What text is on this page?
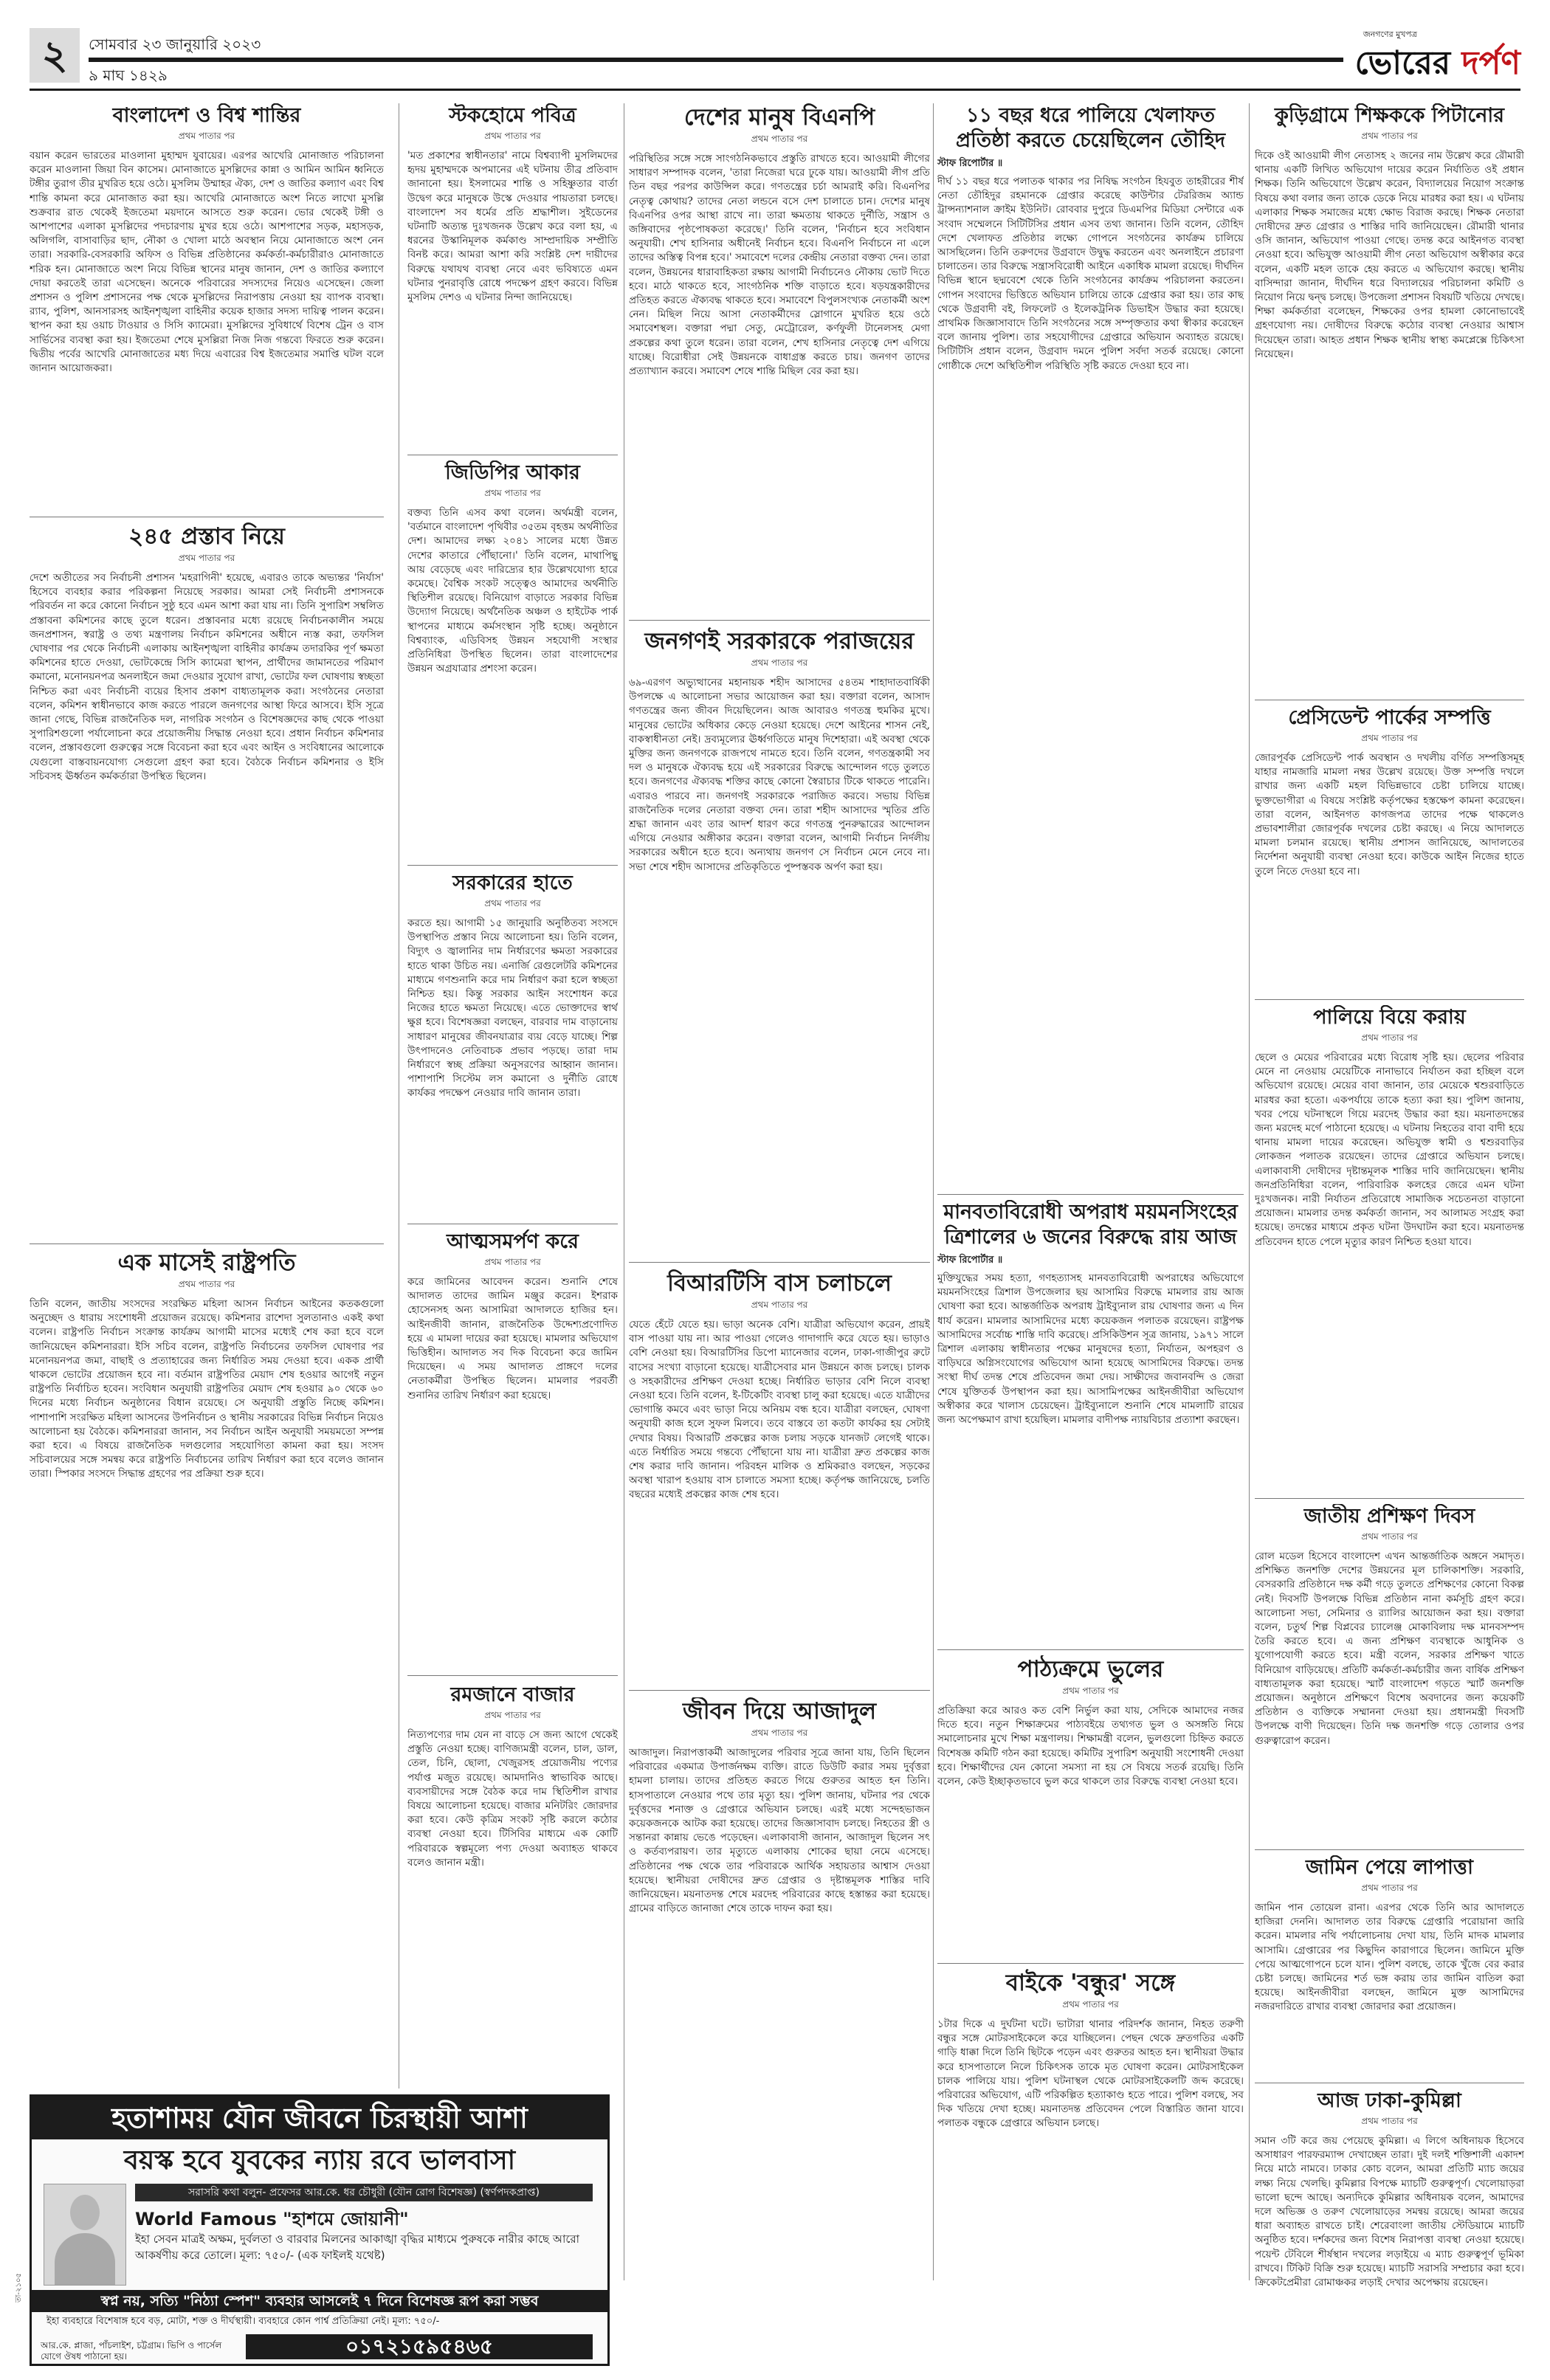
২	সোমবার ২৩ জানুয়ারি ২০২৩
৯ মাঘ ১৪২৯
জনগণের মুখপত্র
ভোরের দর্পণ
বাংলাদেশ ও বিশ্ব শান্তির
প্রথম পাতার পর

বয়ান করেন ভারতের মাওলানা মুহাম্মদ যুবায়ের। এরপর আখেরি মোনাজাত পরিচালনা করেন মাওলানা জিয়া বিন কাসেম। মোনাজাতে মুসল্লিদের কান্না ও আমিন আমিন ধ্বনিতে টঙ্গীর তুরাগ তীর মুখরিত হয়ে ওঠে। মুসলিম উম্মাহর ঐক্য, দেশ ও জাতির কল্যাণ এবং বিশ্ব শান্তি কামনা করে মোনাজাত করা হয়। আখেরি মোনাজাতে অংশ নিতে লাখো মুসল্লি শুক্রবার রাত থেকেই ইজতেমা ময়দানে আসতে শুরু করেন। ভোর থেকেই টঙ্গী ও আশপাশের এলাকা মুসল্লিদের পদচারণায় মুখর হয়ে ওঠে। আশপাশের সড়ক, মহাসড়ক, অলিগলি, বাসাবাড়ির ছাদ, নৌকা ও খোলা মাঠে অবস্থান নিয়ে মোনাজাতে অংশ নেন তারা। সরকারি-বেসরকারি অফিস ও বিভিন্ন প্রতিষ্ঠানের কর্মকর্তা-কর্মচারীরাও মোনাজাতে শরিক হন। মোনাজাতে অংশ নিয়ে বিভিন্ন স্থানের মানুষ জানান, দেশ ও জাতির কল্যাণে দোয়া করতেই তারা এসেছেন। অনেকে পরিবারের সদস্যদের নিয়েও এসেছেন। জেলা প্রশাসন ও পুলিশ প্রশাসনের পক্ষ থেকে মুসল্লিদের নিরাপত্তায় নেওয়া হয় ব্যাপক ব্যবস্থা। র‍্যাব, পুলিশ, আনসারসহ আইনশৃঙ্খলা বাহিনীর কয়েক হাজার সদস্য দায়িত্ব পালন করেন। স্থাপন করা হয় ওয়াচ টাওয়ার ও সিসি ক্যামেরা। মুসল্লিদের সুবিধার্থে বিশেষ ট্রেন ও বাস সার্ভিসের ব্যবস্থা করা হয়। ইজতেমা শেষে মুসল্লিরা নিজ নিজ গন্তব্যে ফিরতে শুরু করেন। দ্বিতীয় পর্বের আখেরি মোনাজাতের মধ্য দিয়ে এবারের বিশ্ব ইজতেমার সমাপ্তি ঘটল বলে জানান আয়োজকরা।

২৪৫ প্রস্তাব নিয়ে
প্রথম পাতার পর

দেশে অতীতের সব নির্বাচনী প্রশাসন 'মহরাগিনী' হয়েছে, এবারও তাকে অভ্যন্তর 'নির্যাস' হিসেবে ব্যবহার করার পরিকল্পনা নিয়েছে সরকার। আমরা সেই নির্বাচনী প্রশাসনকে পরিবর্তন না করে কোনো নির্বাচন সুষ্ঠু হবে এমন আশা করা যায় না। তিনি সুপারিশ সম্বলিত প্রস্তাবনা কমিশনের কাছে তুলে ধরেন। প্রস্তাবনার মধ্যে রয়েছে নির্বাচনকালীন সময়ে জনপ্রশাসন, স্বরাষ্ট্র ও তথ্য মন্ত্রণালয় নির্বাচন কমিশনের অধীনে ন্যস্ত করা, তফসিল ঘোষণার পর থেকে নির্বাচনী এলাকায় আইনশৃঙ্খলা বাহিনীর কার্যক্রম তদারকির পূর্ণ ক্ষমতা কমিশনের হাতে দেওয়া, ভোটকেন্দ্রে সিসি ক্যামেরা স্থাপন, প্রার্থীদের জামানতের পরিমাণ কমানো, মনোনয়নপত্র অনলাইনে জমা দেওয়ার সুযোগ রাখা, ভোটের ফল ঘোষণায় স্বচ্ছতা নিশ্চিত করা এবং নির্বাচনী ব্যয়ের হিসাব প্রকাশ বাধ্যতামূলক করা। সংগঠনের নেতারা বলেন, কমিশন স্বাধীনভাবে কাজ করতে পারলে জনগণের আস্থা ফিরে আসবে। ইসি সূত্রে জানা গেছে, বিভিন্ন রাজনৈতিক দল, নাগরিক সংগঠন ও বিশেষজ্ঞদের কাছ থেকে পাওয়া সুপারিশগুলো পর্যালোচনা করে প্রয়োজনীয় সিদ্ধান্ত নেওয়া হবে। প্রধান নির্বাচন কমিশনার বলেন, প্রস্তাবগুলো গুরুত্বের সঙ্গে বিবেচনা করা হবে এবং আইন ও সংবিধানের আলোকে যেগুলো বাস্তবায়নযোগ্য সেগুলো গ্রহণ করা হবে। বৈঠকে নির্বাচন কমিশনার ও ইসি সচিবসহ ঊর্ধ্বতন কর্মকর্তারা উপস্থিত ছিলেন।

এক মাসেই রাষ্ট্রপতি
প্রথম পাতার পর

তিনি বলেন, জাতীয় সংসদের সংরক্ষিত মহিলা আসন নির্বাচন আইনের কতকগুলো অনুচ্ছেদ ও ধারায় সংশোধনী প্রয়োজন রয়েছে। কমিশনার রাশেদা সুলতানাও একই কথা বলেন। রাষ্ট্রপতি নির্বাচন সংক্রান্ত কার্যক্রম আগামী মাসের মধ্যেই শেষ করা হবে বলে জানিয়েছেন কমিশনাররা। ইসি সচিব বলেন, রাষ্ট্রপতি নির্বাচনের তফসিল ঘোষণার পর মনোনয়নপত্র জমা, বাছাই ও প্রত্যাহারের জন্য নির্ধারিত সময় দেওয়া হবে। একক প্রার্থী থাকলে ভোটের প্রয়োজন হবে না। বর্তমান রাষ্ট্রপতির মেয়াদ শেষ হওয়ার আগেই নতুন রাষ্ট্রপতি নির্বাচিত হবেন। সংবিধান অনুযায়ী রাষ্ট্রপতির মেয়াদ শেষ হওয়ার ৯০ থেকে ৬০ দিনের মধ্যে নির্বাচন অনুষ্ঠানের বিধান রয়েছে। সে অনুযায়ী প্রস্তুতি নিচ্ছে কমিশন। পাশাপাশি সংরক্ষিত মহিলা আসনের উপনির্বাচন ও স্থানীয় সরকারের বিভিন্ন নির্বাচন নিয়েও আলোচনা হয় বৈঠকে। কমিশনাররা জানান, সব নির্বাচন আইন অনুযায়ী সময়মতো সম্পন্ন করা হবে। এ বিষয়ে রাজনৈতিক দলগুলোর সহযোগিতা কামনা করা হয়। সংসদ সচিবালয়ের সঙ্গে সমন্বয় করে রাষ্ট্রপতি নির্বাচনের তারিখ নির্ধারণ করা হবে বলেও জানান তারা। স্পিকার সংসদে সিদ্ধান্ত গ্রহণের পর প্রক্রিয়া শুরু হবে।

স্টকহোমে পবিত্র
প্রথম পাতার পর

'মত প্রকাশের স্বাধীনতার' নামে বিশ্বব্যাপী মুসলিমদের হৃদয় মুহাম্মদকে অপমানের এই ঘটনায় তীব্র প্রতিবাদ জানানো হয়। ইসলামের শান্তি ও সহিষ্ণুতার বার্তা উদ্বেগ করে মানুষকে উস্কে দেওয়ার পায়তারা চলছে। বাংলাদেশ সব ধর্মের প্রতি শ্রদ্ধাশীল। সুইডেনের ঘটনাটি অত্যন্ত দুঃখজনক উল্লেখ করে বলা হয়, এ ধরনের উস্কানিমূলক কর্মকাণ্ড সাম্প্রদায়িক সম্প্রীতি বিনষ্ট করে। আমরা আশা করি সংশ্লিষ্ট দেশ দায়ীদের বিরুদ্ধে যথাযথ ব্যবস্থা নেবে এবং ভবিষ্যতে এমন ঘটনার পুনরাবৃত্তি রোধে পদক্ষেপ গ্রহণ করবে। বিভিন্ন মুসলিম দেশও এ ঘটনার নিন্দা জানিয়েছে।

জিডিপির আকার
প্রথম পাতার পর

বক্তব্য তিনি এসব কথা বলেন। অর্থমন্ত্রী বলেন, 'বর্তমানে বাংলাদেশ পৃথিবীর ৩৫তম বৃহত্তম অর্থনীতির দেশ। আমাদের লক্ষ্য ২০৪১ সালের মধ্যে উন্নত দেশের কাতারে পৌঁছানো।' তিনি বলেন, মাথাপিছু আয় বেড়েছে এবং দারিদ্র্যের হার উল্লেখযোগ্য হারে কমেছে। বৈশ্বিক সংকট সত্ত্বেও আমাদের অর্থনীতি স্থিতিশীল রয়েছে। বিনিয়োগ বাড়াতে সরকার বিভিন্ন উদ্যোগ নিয়েছে। অর্থনৈতিক অঞ্চল ও হাইটেক পার্ক স্থাপনের মাধ্যমে কর্মসংস্থান সৃষ্টি হচ্ছে। অনুষ্ঠানে বিশ্বব্যাংক, এডিবিসহ উন্নয়ন সহযোগী সংস্থার প্রতিনিধিরা উপস্থিত ছিলেন। তারা বাংলাদেশের উন্নয়ন অগ্রযাত্রার প্রশংসা করেন।

সরকারের হাতে
প্রথম পাতার পর

করতে হয়। আগামী ১৫ জানুয়ারি অনুষ্ঠিতব্য সংসদে উপস্থাপিত প্রস্তাব নিয়ে আলোচনা হয়। তিনি বলেন, বিদ্যুৎ ও জ্বালানির দাম নির্ধারণের ক্ষমতা সরকারের হাতে থাকা উচিত নয়। এনার্জি রেগুলেটরি কমিশনের মাধ্যমে গণশুনানি করে দাম নির্ধারণ করা হলে স্বচ্ছতা নিশ্চিত হয়। কিন্তু সরকার আইন সংশোধন করে নিজের হাতে ক্ষমতা নিয়েছে। এতে ভোক্তাদের স্বার্থ ক্ষুণ্ণ হবে। বিশেষজ্ঞরা বলছেন, বারবার দাম বাড়ানোয় সাধারণ মানুষের জীবনযাত্রার ব্যয় বেড়ে যাচ্ছে। শিল্প উৎপাদনেও নেতিবাচক প্রভাব পড়ছে। তারা দাম নির্ধারণে স্বচ্ছ প্রক্রিয়া অনুসরণের আহ্বান জানান। পাশাপাশি সিস্টেম লস কমানো ও দুর্নীতি রোধে কার্যকর পদক্ষেপ নেওয়ার দাবি জানান তারা।

আত্মসমর্পণ করে
প্রথম পাতার পর

করে জামিনের আবেদন করেন। শুনানি শেষে আদালত তাদের জামিন মঞ্জুর করেন। ইশরাক হোসেনসহ অন্য আসামিরা আদালতে হাজির হন। আইনজীবী জানান, রাজনৈতিক উদ্দেশ্যপ্রণোদিত হয়ে এ মামলা দায়ের করা হয়েছে। মামলার অভিযোগ ভিত্তিহীন। আদালত সব দিক বিবেচনা করে জামিন দিয়েছেন। এ সময় আদালত প্রাঙ্গণে দলের নেতাকর্মীরা উপস্থিত ছিলেন। মামলার পরবর্তী শুনানির তারিখ নির্ধারণ করা হয়েছে।

রমজানে বাজার
প্রথম পাতার পর

নিত্যপণ্যের দাম যেন না বাড়ে সে জন্য আগে থেকেই প্রস্তুতি নেওয়া হচ্ছে। বাণিজ্যমন্ত্রী বলেন, চাল, ডাল, তেল, চিনি, ছোলা, খেজুরসহ প্রয়োজনীয় পণ্যের পর্যাপ্ত মজুত রয়েছে। আমদানিও স্বাভাবিক আছে। ব্যবসায়ীদের সঙ্গে বৈঠক করে দাম স্থিতিশীল রাখার বিষয়ে আলোচনা হয়েছে। বাজার মনিটরিং জোরদার করা হবে। কেউ কৃত্রিম সংকট সৃষ্টি করলে কঠোর ব্যবস্থা নেওয়া হবে। টিসিবির মাধ্যমে এক কোটি পরিবারকে স্বল্পমূল্যে পণ্য দেওয়া অব্যাহত থাকবে বলেও জানান মন্ত্রী।

দেশের মানুষ বিএনপি
প্রথম পাতার পর

পরিস্থিতির সঙ্গে সঙ্গে সাংগঠনিকভাবে প্রস্তুতি রাখতে হবে। আওয়ামী লীগের সাধারণ সম্পাদক বলেন, 'তারা নিজেরা ঘরে ঢুকে যায়। আওয়ামী লীগ প্রতি তিন বছর পরপর কাউন্সিল করে। গণতন্ত্রের চর্চা আমরাই করি। বিএনপির নেতৃত্ব কোথায়? তাদের নেতা লন্ডনে বসে দেশ চালাতে চান। দেশের মানুষ বিএনপির ওপর আস্থা রাখে না। তারা ক্ষমতায় থাকতে দুর্নীতি, সন্ত্রাস ও জঙ্গিবাদের পৃষ্ঠপোষকতা করেছে।' তিনি বলেন, 'নির্বাচন হবে সংবিধান অনুযায়ী। শেখ হাসিনার অধীনেই নির্বাচন হবে। বিএনপি নির্বাচনে না এলে তাদের অস্তিত্ব বিপন্ন হবে।' সমাবেশে দলের কেন্দ্রীয় নেতারা বক্তব্য দেন। তারা বলেন, উন্নয়নের ধারাবাহিকতা রক্ষায় আগামী নির্বাচনেও নৌকায় ভোট দিতে হবে। মাঠে থাকতে হবে, সাংগঠনিক শক্তি বাড়াতে হবে। ষড়যন্ত্রকারীদের প্রতিহত করতে ঐক্যবদ্ধ থাকতে হবে। সমাবেশে বিপুলসংখ্যক নেতাকর্মী অংশ নেন। মিছিল নিয়ে আসা নেতাকর্মীদের স্লোগানে মুখরিত হয়ে ওঠে সমাবেশস্থল। বক্তারা পদ্মা সেতু, মেট্রোরেল, কর্ণফুলী টানেলসহ মেগা প্রকল্পের কথা তুলে ধরেন। তারা বলেন, শেখ হাসিনার নেতৃত্বে দেশ এগিয়ে যাচ্ছে। বিরোধীরা সেই উন্নয়নকে বাধাগ্রস্ত করতে চায়। জনগণ তাদের প্রত্যাখ্যান করবে। সমাবেশ শেষে শান্তি মিছিল বের করা হয়।

জনগণই সরকারকে পরাজয়ের
প্রথম পাতার পর

৬৯-এরগণ অভ্যুত্থানের মহানায়ক শহীদ আসাদের ৫৪তম শাহাদাতবার্ষিকী উপলক্ষে এ আলোচনা সভার আয়োজন করা হয়। বক্তারা বলেন, আসাদ গণতন্ত্রের জন্য জীবন দিয়েছিলেন। আজ আবারও গণতন্ত্র হুমকির মুখে। মানুষের ভোটের অধিকার কেড়ে নেওয়া হয়েছে। দেশে আইনের শাসন নেই, বাকস্বাধীনতা নেই। দ্রব্যমূল্যের ঊর্ধ্বগতিতে মানুষ দিশেহারা। এই অবস্থা থেকে মুক্তির জন্য জনগণকে রাজপথে নামতে হবে। তিনি বলেন, গণতন্ত্রকামী সব দল ও মানুষকে ঐক্যবদ্ধ হয়ে এই সরকারের বিরুদ্ধে আন্দোলন গড়ে তুলতে হবে। জনগণের ঐক্যবদ্ধ শক্তির কাছে কোনো স্বৈরাচার টিকে থাকতে পারেনি। এবারও পারবে না। জনগণই সরকারকে পরাজিত করবে। সভায় বিভিন্ন রাজনৈতিক দলের নেতারা বক্তব্য দেন। তারা শহীদ আসাদের স্মৃতির প্রতি শ্রদ্ধা জানান এবং তার আদর্শ ধারণ করে গণতন্ত্র পুনরুদ্ধারের আন্দোলন এগিয়ে নেওয়ার অঙ্গীকার করেন। বক্তারা বলেন, আগামী নির্বাচন নির্দলীয় সরকারের অধীনে হতে হবে। অন্যথায় জনগণ সে নির্বাচন মেনে নেবে না। সভা শেষে শহীদ আসাদের প্রতিকৃতিতে পুষ্পস্তবক অর্পণ করা হয়।

বিআরটিসি বাস চলাচলে
প্রথম পাতার পর

যেতে হেঁটে যেতে হয়। ভাড়া অনেক বেশি। যাত্রীরা অভিযোগ করেন, প্রায়ই বাস পাওয়া যায় না। আর পাওয়া গেলেও গাদাগাদি করে যেতে হয়। ভাড়াও বেশি নেওয়া হয়। বিআরটিসির ডিপো ম্যানেজার বলেন, ঢাকা-গাজীপুর রুটে বাসের সংখ্যা বাড়ানো হয়েছে। যাত্রীসেবার মান উন্নয়নে কাজ চলছে। চালক ও সহকারীদের প্রশিক্ষণ দেওয়া হচ্ছে। নির্ধারিত ভাড়ার বেশি নিলে ব্যবস্থা নেওয়া হবে। তিনি বলেন, ই-টিকেটিং ব্যবস্থা চালু করা হয়েছে। এতে যাত্রীদের ভোগান্তি কমবে এবং ভাড়া নিয়ে অনিয়ম বন্ধ হবে। যাত্রীরা বলছেন, ঘোষণা অনুযায়ী কাজ হলে সুফল মিলবে। তবে বাস্তবে তা কতটা কার্যকর হয় সেটাই দেখার বিষয়। বিআরটি প্রকল্পের কাজ চলায় সড়কে যানজট লেগেই থাকে। এতে নির্ধারিত সময়ে গন্তব্যে পৌঁছানো যায় না। যাত্রীরা দ্রুত প্রকল্পের কাজ শেষ করার দাবি জানান। পরিবহন মালিক ও শ্রমিকরাও বলছেন, সড়কের অবস্থা খারাপ হওয়ায় বাস চালাতে সমস্যা হচ্ছে। কর্তৃপক্ষ জানিয়েছে, চলতি বছরের মধ্যেই প্রকল্পের কাজ শেষ হবে।

জীবন দিয়ে আজাদুল
প্রথম পাতার পর

আজাদুল। নিরাপত্তাকর্মী আজাদুলের পরিবার সূত্রে জানা যায়, তিনি ছিলেন পরিবারের একমাত্র উপার্জনক্ষম ব্যক্তি। রাতে ডিউটি করার সময় দুর্বৃত্তরা হামলা চালায়। তাদের প্রতিহত করতে গিয়ে গুরুতর আহত হন তিনি। হাসপাতালে নেওয়ার পথে তার মৃত্যু হয়। পুলিশ জানায়, ঘটনার পর থেকে দুর্বৃত্তদের শনাক্ত ও গ্রেপ্তারে অভিযান চলছে। এরই মধ্যে সন্দেহভাজন কয়েকজনকে আটক করা হয়েছে। তাদের জিজ্ঞাসাবাদ চলছে। নিহতের স্ত্রী ও সন্তানরা কান্নায় ভেঙে পড়েছেন। এলাকাবাসী জানান, আজাদুল ছিলেন সৎ ও কর্তব্যপরায়ণ। তার মৃত্যুতে এলাকায় শোকের ছায়া নেমে এসেছে। প্রতিষ্ঠানের পক্ষ থেকে তার পরিবারকে আর্থিক সহায়তার আশ্বাস দেওয়া হয়েছে। স্থানীয়রা দোষীদের দ্রুত গ্রেপ্তার ও দৃষ্টান্তমূলক শাস্তির দাবি জানিয়েছেন। ময়নাতদন্ত শেষে মরদেহ পরিবারের কাছে হস্তান্তর করা হয়েছে। গ্রামের বাড়িতে জানাজা শেষে তাকে দাফন করা হয়।

১১ বছর ধরে পালিয়ে খেলাফত প্রতিষ্ঠা করতে চেয়েছিলেন তৌহিদ
স্টাফ রিপোর্টার ॥

দীর্ঘ ১১ বছর ধরে পলাতক থাকার পর নিষিদ্ধ সংগঠন হিযবুত তাহরীরের শীর্ষ নেতা তৌহিদুর রহমানকে গ্রেপ্তার করেছে কাউন্টার টেররিজম অ্যান্ড ট্রান্সন্যাশনাল ক্রাইম ইউনিট। রোববার দুপুরে ডিএমপির মিডিয়া সেন্টারে এক সংবাদ সম্মেলনে সিটিটিসির প্রধান এসব তথ্য জানান। তিনি বলেন, তৌহিদ দেশে খেলাফত প্রতিষ্ঠার লক্ষ্যে গোপনে সংগঠনের কার্যক্রম চালিয়ে আসছিলেন। তিনি তরুণদের উগ্রবাদে উদ্বুদ্ধ করতেন এবং অনলাইনে প্রচারণা চালাতেন। তার বিরুদ্ধে সন্ত্রাসবিরোধী আইনে একাধিক মামলা রয়েছে। দীর্ঘদিন বিভিন্ন স্থানে ছদ্মবেশে থেকে তিনি সংগঠনের কার্যক্রম পরিচালনা করতেন। গোপন সংবাদের ভিত্তিতে অভিযান চালিয়ে তাকে গ্রেপ্তার করা হয়। তার কাছ থেকে উগ্রবাদী বই, লিফলেট ও ইলেকট্রনিক ডিভাইস উদ্ধার করা হয়েছে। প্রাথমিক জিজ্ঞাসাবাদে তিনি সংগঠনের সঙ্গে সম্পৃক্ততার কথা স্বীকার করেছেন বলে জানায় পুলিশ। তার সহযোগীদের গ্রেপ্তারে অভিযান অব্যাহত রয়েছে। সিটিটিসি প্রধান বলেন, উগ্রবাদ দমনে পুলিশ সর্বদা সতর্ক রয়েছে। কোনো গোষ্ঠীকে দেশে অস্থিতিশীল পরিস্থিতি সৃষ্টি করতে দেওয়া হবে না।

মানবতাবিরোধী অপরাধ ময়মনসিংহের ত্রিশালের ৬ জনের বিরুদ্ধে রায় আজ
স্টাফ রিপোর্টার ॥

মুক্তিযুদ্ধের সময় হত্যা, গণহত্যাসহ মানবতাবিরোধী অপরাধের অভিযোগে ময়মনসিংহের ত্রিশাল উপজেলার ছয় আসামির বিরুদ্ধে মামলার রায় আজ ঘোষণা করা হবে। আন্তর্জাতিক অপরাধ ট্রাইব্যুনাল রায় ঘোষণার জন্য এ দিন ধার্য করেন। মামলার আসামিদের মধ্যে কয়েকজন পলাতক রয়েছেন। রাষ্ট্রপক্ষ আসামিদের সর্বোচ্চ শাস্তি দাবি করেছে। প্রসিকিউশন সূত্র জানায়, ১৯৭১ সালে ত্রিশাল এলাকায় স্বাধীনতার পক্ষের মানুষদের হত্যা, নির্যাতন, অপহরণ ও বাড়িঘরে অগ্নিসংযোগের অভিযোগ আনা হয়েছে আসামিদের বিরুদ্ধে। তদন্ত সংস্থা দীর্ঘ তদন্ত শেষে প্রতিবেদন জমা দেয়। সাক্ষীদের জবানবন্দি ও জেরা শেষে যুক্তিতর্ক উপস্থাপন করা হয়। আসামিপক্ষের আইনজীবীরা অভিযোগ অস্বীকার করে খালাস চেয়েছেন। ট্রাইব্যুনালে শুনানি শেষে মামলাটি রায়ের জন্য অপেক্ষমাণ রাখা হয়েছিল। মামলার বাদীপক্ষ ন্যায়বিচার প্রত্যাশা করছেন।

পাঠ্যক্রমে ভুলের
প্রথম পাতার পর

প্রতিক্রিয়া করে আরও কত বেশি নির্ভুল করা যায়, সেদিকে আমাদের নজর দিতে হবে। নতুন শিক্ষাক্রমের পাঠ্যবইয়ে তথ্যগত ভুল ও অসঙ্গতি নিয়ে সমালোচনার মুখে শিক্ষা মন্ত্রণালয়। শিক্ষামন্ত্রী বলেন, ভুলগুলো চিহ্নিত করতে বিশেষজ্ঞ কমিটি গঠন করা হয়েছে। কমিটির সুপারিশ অনুযায়ী সংশোধনী দেওয়া হবে। শিক্ষার্থীদের যেন কোনো সমস্যা না হয় সে বিষয়ে সতর্ক রয়েছি। তিনি বলেন, কেউ ইচ্ছাকৃতভাবে ভুল করে থাকলে তার বিরুদ্ধে ব্যবস্থা নেওয়া হবে।

বাইকে 'বন্ধুর' সঙ্গে
প্রথম পাতার পর

১টার দিকে এ দুর্ঘটনা ঘটে। ভাটারা থানার পরিদর্শক জানান, নিহত তরুণী বন্ধুর সঙ্গে মোটরসাইকেলে করে যাচ্ছিলেন। পেছন থেকে দ্রুতগতির একটি গাড়ি ধাক্কা দিলে তিনি ছিটকে পড়েন এবং গুরুতর আহত হন। স্থানীয়রা উদ্ধার করে হাসপাতালে নিলে চিকিৎসক তাকে মৃত ঘোষণা করেন। মোটরসাইকেল চালক পালিয়ে যায়। পুলিশ ঘটনাস্থল থেকে মোটরসাইকেলটি জব্দ করেছে। পরিবারের অভিযোগ, এটি পরিকল্পিত হত্যাকাণ্ড হতে পারে। পুলিশ বলছে, সব দিক খতিয়ে দেখা হচ্ছে। ময়নাতদন্ত প্রতিবেদন পেলে বিস্তারিত জানা যাবে। পলাতক বন্ধুকে গ্রেপ্তারে অভিযান চলছে।

কুড়িগ্রামে শিক্ষককে পিটানোর
প্রথম পাতার পর

দিকে ওই আওয়ামী লীগ নেতাসহ ২ জনের নাম উল্লেখ করে রৌমারী থানায় একটি লিখিত অভিযোগ দায়ের করেন নির্যাতিত ওই প্রধান শিক্ষক। তিনি অভিযোগে উল্লেখ করেন, বিদ্যালয়ের নিয়োগ সংক্রান্ত বিষয়ে কথা বলার জন্য তাকে ডেকে নিয়ে মারধর করা হয়। এ ঘটনায় এলাকার শিক্ষক সমাজের মধ্যে ক্ষোভ বিরাজ করছে। শিক্ষক নেতারা দোষীদের দ্রুত গ্রেপ্তার ও শাস্তির দাবি জানিয়েছেন। রৌমারী থানার ওসি জানান, অভিযোগ পাওয়া গেছে। তদন্ত করে আইনগত ব্যবস্থা নেওয়া হবে। অভিযুক্ত আওয়ামী লীগ নেতা অভিযোগ অস্বীকার করে বলেন, একটি মহল তাকে হেয় করতে এ অভিযোগ করছে। স্থানীয় বাসিন্দারা জানান, দীর্ঘদিন ধরে বিদ্যালয়ের পরিচালনা কমিটি ও নিয়োগ নিয়ে দ্বন্দ্ব চলছে। উপজেলা প্রশাসন বিষয়টি খতিয়ে দেখছে। শিক্ষা কর্মকর্তারা বলেছেন, শিক্ষকের ওপর হামলা কোনোভাবেই গ্রহণযোগ্য নয়। দোষীদের বিরুদ্ধে কঠোর ব্যবস্থা নেওয়ার আশ্বাস দিয়েছেন তারা। আহত প্রধান শিক্ষক স্থানীয় স্বাস্থ্য কমপ্লেক্সে চিকিৎসা নিয়েছেন।

প্রেসিডেন্ট পার্কের সম্পত্তি
প্রথম পাতার পর

জোরপূর্বক প্রেসিডেন্ট পার্ক অবস্থান ও দখলীয় বর্ণিত সম্পত্তিসমূহ যাহার নামজারি মামলা নম্বর উল্লেখ রয়েছে। উক্ত সম্পত্তি দখলে রাখার জন্য একটি মহল বিভিন্নভাবে চেষ্টা চালিয়ে যাচ্ছে। ভুক্তভোগীরা এ বিষয়ে সংশ্লিষ্ট কর্তৃপক্ষের হস্তক্ষেপ কামনা করেছেন। তারা বলেন, আইনগত কাগজপত্র তাদের পক্ষে থাকলেও প্রভাবশালীরা জোরপূর্বক দখলের চেষ্টা করছে। এ নিয়ে আদালতে মামলা চলমান রয়েছে। স্থানীয় প্রশাসন জানিয়েছে, আদালতের নির্দেশনা অনুযায়ী ব্যবস্থা নেওয়া হবে। কাউকে আইন নিজের হাতে তুলে নিতে দেওয়া হবে না।

পালিয়ে বিয়ে করায়
প্রথম পাতার পর

ছেলে ও মেয়ের পরিবারের মধ্যে বিরোধ সৃষ্টি হয়। ছেলের পরিবার মেনে না নেওয়ায় মেয়েটিকে নানাভাবে নির্যাতন করা হচ্ছিল বলে অভিযোগ রয়েছে। মেয়ের বাবা জানান, তার মেয়েকে শ্বশুরবাড়িতে মারধর করা হতো। একপর্যায়ে তাকে হত্যা করা হয়। পুলিশ জানায়, খবর পেয়ে ঘটনাস্থলে গিয়ে মরদেহ উদ্ধার করা হয়। ময়নাতদন্তের জন্য মরদেহ মর্গে পাঠানো হয়েছে। এ ঘটনায় নিহতের বাবা বাদী হয়ে থানায় মামলা দায়ের করেছেন। অভিযুক্ত স্বামী ও শ্বশুরবাড়ির লোকজন পলাতক রয়েছেন। তাদের গ্রেপ্তারে অভিযান চলছে। এলাকাবাসী দোষীদের দৃষ্টান্তমূলক শাস্তির দাবি জানিয়েছেন। স্থানীয় জনপ্রতিনিধিরা বলেন, পারিবারিক কলহের জেরে এমন ঘটনা দুঃখজনক। নারী নির্যাতন প্রতিরোধে সামাজিক সচেতনতা বাড়ানো প্রয়োজন। মামলার তদন্ত কর্মকর্তা জানান, সব আলামত সংগ্রহ করা হয়েছে। তদন্তের মাধ্যমে প্রকৃত ঘটনা উদঘাটন করা হবে। ময়নাতদন্ত প্রতিবেদন হাতে পেলে মৃত্যুর কারণ নিশ্চিত হওয়া যাবে।

জাতীয় প্রশিক্ষণ দিবস
প্রথম পাতার পর

রোল মডেল হিসেবে বাংলাদেশ এখন আন্তর্জাতিক অঙ্গনে সমাদৃত। প্রশিক্ষিত জনশক্তি দেশের উন্নয়নের মূল চালিকাশক্তি। সরকারি, বেসরকারি প্রতিষ্ঠানে দক্ষ কর্মী গড়ে তুলতে প্রশিক্ষণের কোনো বিকল্প নেই। দিবসটি উপলক্ষে বিভিন্ন প্রতিষ্ঠান নানা কর্মসূচি গ্রহণ করে। আলোচনা সভা, সেমিনার ও র‍্যালির আয়োজন করা হয়। বক্তারা বলেন, চতুর্থ শিল্প বিপ্লবের চ্যালেঞ্জ মোকাবিলায় দক্ষ মানবসম্পদ তৈরি করতে হবে। এ জন্য প্রশিক্ষণ ব্যবস্থাকে আধুনিক ও যুগোপযোগী করতে হবে। মন্ত্রী বলেন, সরকার প্রশিক্ষণ খাতে বিনিয়োগ বাড়িয়েছে। প্রতিটি কর্মকর্তা-কর্মচারীর জন্য বার্ষিক প্রশিক্ষণ বাধ্যতামূলক করা হয়েছে। স্মার্ট বাংলাদেশ গড়তে স্মার্ট জনশক্তি প্রয়োজন। অনুষ্ঠানে প্রশিক্ষণে বিশেষ অবদানের জন্য কয়েকটি প্রতিষ্ঠান ও ব্যক্তিকে সম্মাননা দেওয়া হয়। প্রধানমন্ত্রী দিবসটি উপলক্ষে বাণী দিয়েছেন। তিনি দক্ষ জনশক্তি গড়ে তোলার ওপর গুরুত্বারোপ করেন।

জামিন পেয়ে লাপাত্তা
প্রথম পাতার পর

জামিন পান তোয়েল রানা। এরপর থেকে তিনি আর আদালতে হাজিরা দেননি। আদালত তার বিরুদ্ধে গ্রেপ্তারি পরোয়ানা জারি করেন। মামলার নথি পর্যালোচনায় দেখা যায়, তিনি মাদক মামলার আসামি। গ্রেপ্তারের পর কিছুদিন কারাগারে ছিলেন। জামিনে মুক্তি পেয়ে আত্মগোপনে চলে যান। পুলিশ বলছে, তাকে খুঁজে বের করার চেষ্টা চলছে। জামিনের শর্ত ভঙ্গ করায় তার জামিন বাতিল করা হয়েছে। আইনজীবীরা বলছেন, জামিনে মুক্ত আসামিদের নজরদারিতে রাখার ব্যবস্থা জোরদার করা প্রয়োজন।

আজ ঢাকা-কুমিল্লা
প্রথম পাতার পর

সমান ৩টি করে জয় পেয়েছে কুমিল্লা। এ লিগে অধিনায়ক হিসেবে অসাধারণ পারফরম্যান্স দেখাচ্ছেন তারা। দুই দলই শক্তিশালী একাদশ নিয়ে মাঠে নামবে। ঢাকার কোচ বলেন, আমরা প্রতিটি ম্যাচ জয়ের লক্ষ্য নিয়ে খেলছি। কুমিল্লার বিপক্ষে ম্যাচটি গুরুত্বপূর্ণ। খেলোয়াড়রা ভালো ছন্দে আছে। অন্যদিকে কুমিল্লার অধিনায়ক বলেন, আমাদের দলে অভিজ্ঞ ও তরুণ খেলোয়াড়ের সমন্বয় রয়েছে। আমরা জয়ের ধারা অব্যাহত রাখতে চাই। শেরেবাংলা জাতীয় স্টেডিয়ামে ম্যাচটি অনুষ্ঠিত হবে। দর্শকদের জন্য বিশেষ নিরাপত্তা ব্যবস্থা নেওয়া হয়েছে। পয়েন্ট টেবিলে শীর্ষস্থান দখলের লড়াইয়ে এ ম্যাচ গুরুত্বপূর্ণ ভূমিকা রাখবে। টিকিট বিক্রি শুরু হয়েছে। ম্যাচটি সরাসরি সম্প্রচার করা হবে। ক্রিকেটপ্রেমীরা রোমাঞ্চকর লড়াই দেখার অপেক্ষায় রয়েছেন।

হতাশাময় যৌন জীবনে চিরস্থায়ী আশা
বয়স্ক হবে যুবকের ন্যায় রবে ভালবাসা
সরাসরি কথা বলুন- প্রফেসর আর.কে. ধর চৌধুরী (যৌন রোগ বিশেষজ্ঞ) (স্বর্ণপদকপ্রাপ্ত)
World Famous "হাশমে জোয়ানী"
ইহা সেবন মাত্রই অক্ষম, দুর্বলতা ও বারবার মিলনের আকাঙ্খা বৃদ্ধির মাধ্যমে পুরুষকে নারীর কাছে আরো আকর্ষণীয় করে তোলে। মূল্য: ৭৫০/- (এক ফাইলই যথেষ্ট)
স্বপ্ন নয়, সত্যি "নিঠ্যা স্পেশ" ব্যবহার আসলেই ৭ দিনে বিশেষজ্ঞ রূপ করা সম্ভব
ইহা ব্যবহারে বিশেষাঙ্গ হবে বড়, মোটা, শক্ত ও দীর্ঘস্থায়ী। ব্যবহারে কোন পার্শ্ব প্রতিক্রিয়া নেই। মূল্য: ৭৫০/-
আর.কে. প্লাজা, পাঁচলাইশ, চট্টগ্রাম। ভিপি ও পার্সেল যোগে ঔষধ পাঠানো হয়।	০১৭২১৫৯৫৪৬৫
তা-২১০৫
